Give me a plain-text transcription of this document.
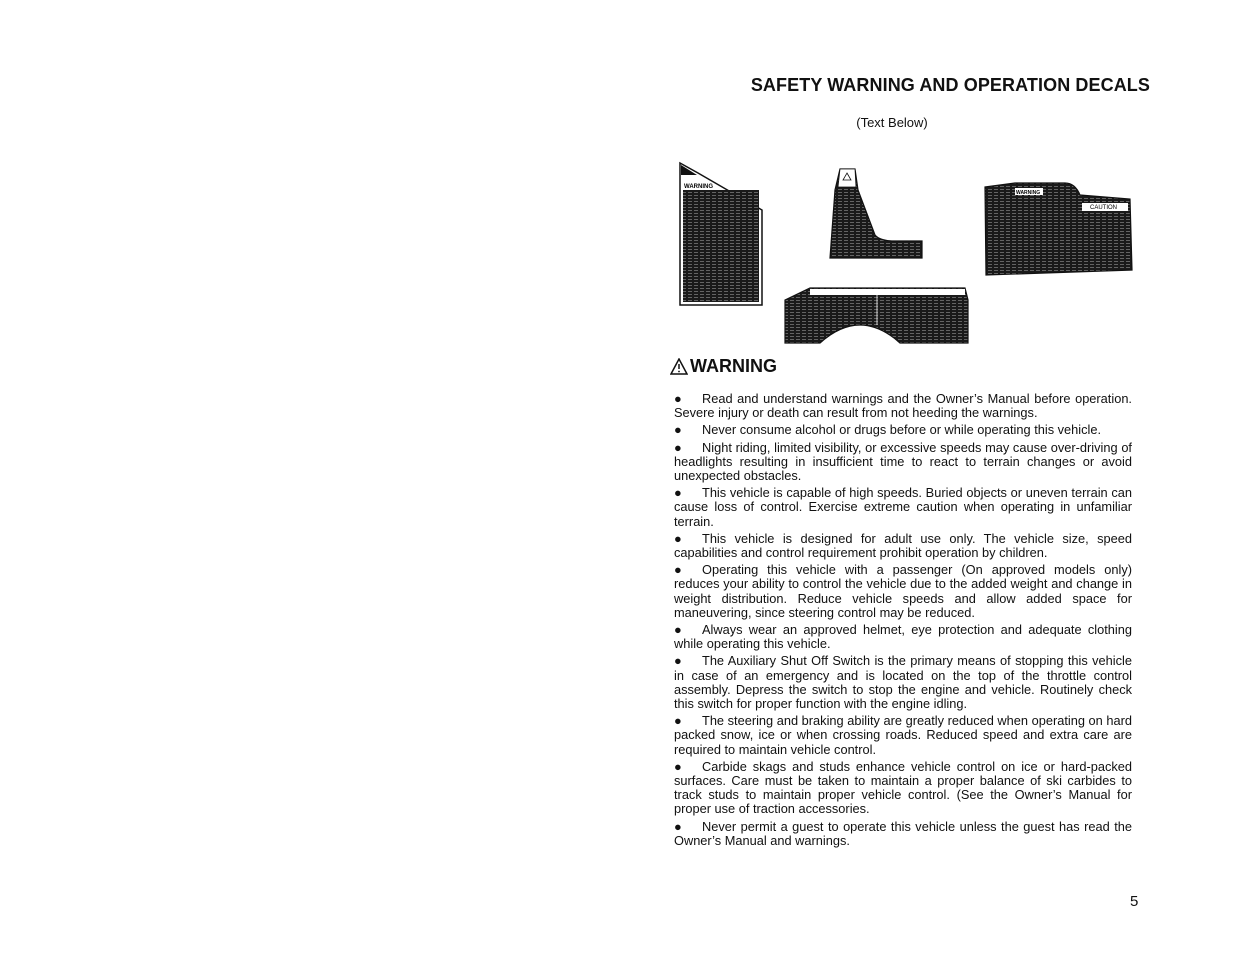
SAFETY WARNING AND OPERATION DECALS
(Text Below)
WARNING
WARNING
CAUTION
WARNING
● Read and understand warnings and the Owner’s Manual before operation. Severe injury or death can result from not heeding the warnings.
● Never consume alcohol or drugs before or while operating this vehicle.
● Night riding, limited visibility, or excessive speeds may cause over-driving of headlights resulting in insufficient time to react to terrain changes or avoid unexpected obstacles.
● This vehicle is capable of high speeds. Buried objects or uneven terrain can cause loss of control. Exercise extreme caution when operating in unfamiliar terrain.
● This vehicle is designed for adult use only. The vehicle size, speed capabilities and control requirement prohibit operation by children.
● Operating this vehicle with a passenger (On approved models only) reduces your ability to control the vehicle due to the added weight and change in weight distribution. Reduce vehicle speeds and allow added space for maneuvering, since steering control may be reduced.
● Always wear an approved helmet, eye protection and adequate clothing while operating this vehicle.
● The Auxiliary Shut Off Switch is the primary means of stopping this vehicle in case of an emergency and is located on the top of the throttle control assembly. Depress the switch to stop the engine and vehicle. Routinely check this switch for proper function with the engine idling.
● The steering and braking ability are greatly reduced when operating on hard packed snow, ice or when crossing roads. Reduced speed and extra care are required to maintain vehicle control.
● Carbide skags and studs enhance vehicle control on ice or hard-packed surfaces. Care must be taken to maintain a proper balance of ski carbides to track studs to maintain proper vehicle control. (See the Owner’s Manual for proper use of traction accessories.
● Never permit a guest to operate this vehicle unless the guest has read the Owner’s Manual and warnings.
5
